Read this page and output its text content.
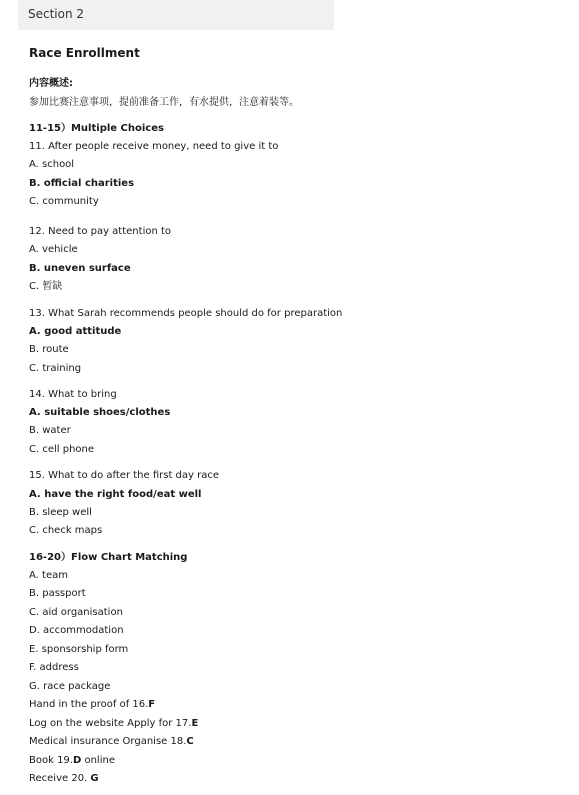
Section 2
Race Enrollment
内容概述:
参加比赛注意事项，提前准备工作，有水提供，注意着装等。
11-15）Multiple Choices
11. After people receive money, need to give it to
A. school
B. official charities
C. community
12. Need to pay attention to
A. vehicle
B. uneven surface
C. 暂缺
13. What Sarah recommends people should do for preparation
A. good attitude
B. route
C. training
14. What to bring
A. suitable shoes/clothes
B. water
C. cell phone
15. What to do after the first day race
A. have the right food/eat well
B. sleep well
C. check maps
16-20）Flow Chart Matching
A. team
B. passport
C. aid organisation
D. accommodation
E. sponsorship form
F. address
G. race package
Hand in the proof of 16.F
Log on the website Apply for 17.E
Medical insurance Organise 18.C
Book 19.D online
Receive 20. G
